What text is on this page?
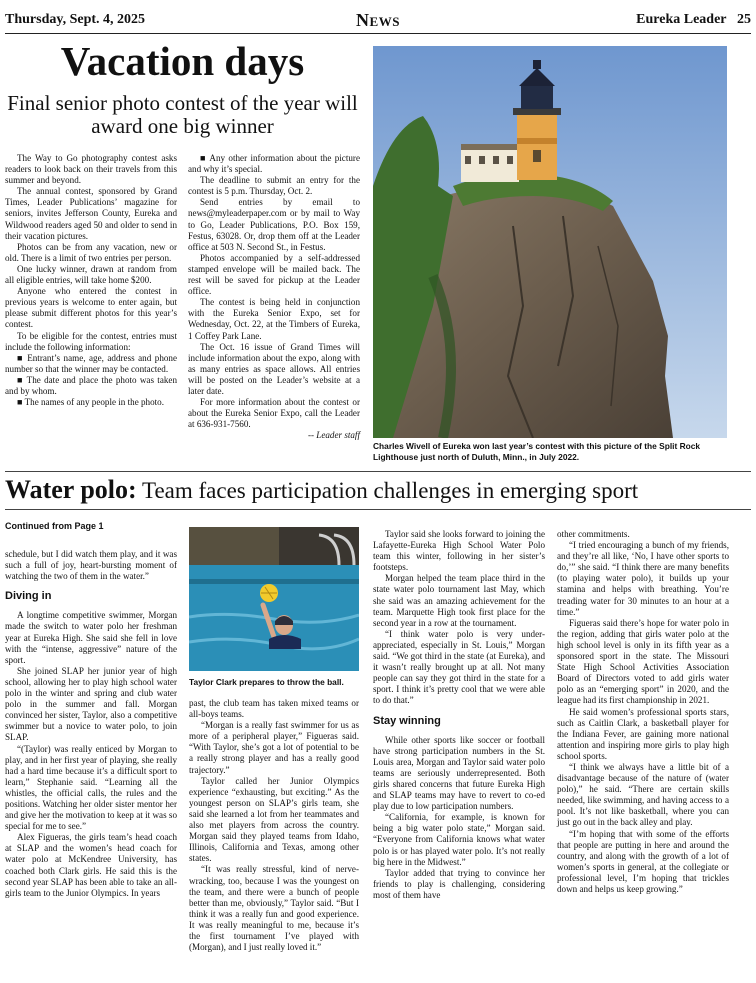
Thursday, Sept. 4, 2025	News	Eureka Leader 25
Vacation days
Final senior photo contest of the year will award one big winner

The Way to Go photography contest asks readers to look back on their travels from this summer and beyond.

The annual contest, sponsored by Grand Times, Leader Publications’ magazine for seniors, invites Jefferson County, Eureka and Wildwood readers aged 50 and older to send in their vacation pictures.

Photos can be from any vacation, new or old. There is a limit of two entries per person.

One lucky winner, drawn at random from all eligible entries, will take home $200.

Anyone who entered the contest in previous years is welcome to enter again, but please submit different photos for this year’s contest.

To be eligible for the contest, entries must include the following information:

■ Entrant’s name, age, address and phone number so that the winner may be contacted.

■ The date and place the photo was taken and by whom.

■ The names of any people in the photo.

■ Any other information about the picture and why it’s special.

The deadline to submit an entry for the contest is 5 p.m. Thursday, Oct. 2.

Send entries by email to news@myleaderpaper.com or by mail to Way to Go, Leader Publications, P.O. Box 159, Festus, 63028. Or, drop them off at the Leader office at 503 N. Second St., in Festus.

Photos accompanied by a self-addressed stamped envelope will be mailed back. The rest will be saved for pickup at the Leader office.

The contest is being held in conjunction with the Eureka Senior Expo, set for Wednesday, Oct. 22, at the Timbers of Eureka, 1 Coffey Park Lane.

The Oct. 16 issue of Grand Times will include information about the expo, along with as many entries as space allows. All entries will be posted on the Leader’s website at a later date.

For more information about the contest or about the Eureka Senior Expo, call the Leader at 636-931-7560.

-- Leader staff
Charles Wivell of Eureka won last year’s contest with this picture of the Split Rock Lighthouse just north of Duluth, Minn., in July 2022.
Water polo: Team faces participation challenges in emerging sport
Continued from Page 1
schedule, but I did watch them play, and it was such a full of joy, heart-bursting moment of watching the two of them in the water.”
Diving in

A longtime competitive swimmer, Morgan made the switch to water polo her freshman year at Eureka High. She said she fell in love with the “intense, aggressive” nature of the sport.

She joined SLAP her junior year of high school, allowing her to play high school water polo in the winter and spring and club water polo in the summer and fall. Morgan convinced her sister, Taylor, also a competitive swimmer but a novice to water polo, to join SLAP.

“(Taylor) was really enticed by Morgan to play, and in her first year of playing, she really had a hard time because it’s a difficult sport to learn,” Stephanie said. “Learning all the whistles, the official calls, the rules and the positions. Watching her older sister mentor her and give her the motivation to keep at it was so special for me to see.”

Alex Figueras, the girls team’s head coach at SLAP and the women’s head coach for water polo at McKendree University, has coached both Clark girls. He said this is the second year SLAP has been able to take an all-girls team to the Junior Olympics. In years

Taylor Clark prepares to throw the ball.
past, the club team has taken mixed teams or all-boys teams.

“Morgan is a really fast swimmer for us as more of a peripheral player,” Figueras said. “With Taylor, she’s got a lot of potential to be a really strong player and has a really good trajectory.”

Taylor called her Junior Olympics experience “exhausting, but exciting.” As the youngest person on SLAP’s girls team, she said she learned a lot from her teammates and also met players from across the country. Morgan said they played teams from Idaho, Illinois, California and Texas, among other states.

“It was really stressful, kind of nerve-wracking, too, because I was the youngest on the team, and there were a bunch of people better than me, obviously,” Taylor said. “But I think it was a really fun and good experience. It was really meaningful to me, because it’s the first tournament I’ve played with (Morgan), and I just really loved it.”

Taylor said she looks forward to joining the Lafayette-Eureka High School Water Polo team this winter, following in her sister’s footsteps.

Morgan helped the team place third in the state water polo tournament last May, which she said was an amazing achievement for the team. Marquette High took first place for the second year in a row at the tournament.

“I think water polo is very under-appreciated, especially in St. Louis,” Morgan said. “We got third in the state (at Eureka), and it wasn’t really brought up at all. Not many people can say they got third in the state for a sport. I think it’s pretty cool that we were able to do that.”

Stay winning

While other sports like soccer or football have strong participation numbers in the St. Louis area, Morgan and Taylor said water polo teams are seriously underrepresented. Both girls shared concerns that future Eureka High and SLAP teams may have to revert to co-ed play due to low participation numbers.

“California, for example, is known for being a big water polo state,” Morgan said. “Everyone from California knows what water polo is or has played water polo. It’s not really big here in the Midwest.”

Taylor added that trying to convince her friends to play is challenging, considering most of them have

other commitments.

“I tried encouraging a bunch of my friends, and they’re all like, ‘No, I have other sports to do,’” she said. “I think there are many benefits (to playing water polo), it builds up your stamina and helps with breathing. You’re treading water for 30 minutes to an hour at a time.”

Figueras said there’s hope for water polo in the region, adding that girls water polo at the high school level is only in its fifth year as a sponsored sport in the state. The Missouri State High School Activities Association Board of Directors voted to add girls water polo as an “emerging sport” in 2020, and the league had its first championship in 2021.

He said women’s professional sports stars, such as Caitlin Clark, a basketball player for the Indiana Fever, are gaining more national attention and inspiring more girls to play high school sports.

“I think we always have a little bit of a disadvantage because of the nature of (water polo),” he said. “There are certain skills needed, like swimming, and having access to a pool. It’s not like basketball, where you can just go out in the back alley and play.

“I’m hoping that with some of the efforts that people are putting in here and around the country, and along with the growth of a lot of women’s sports in general, at the collegiate or professional level, I’m hoping that trickles down and helps us keep growing.”
